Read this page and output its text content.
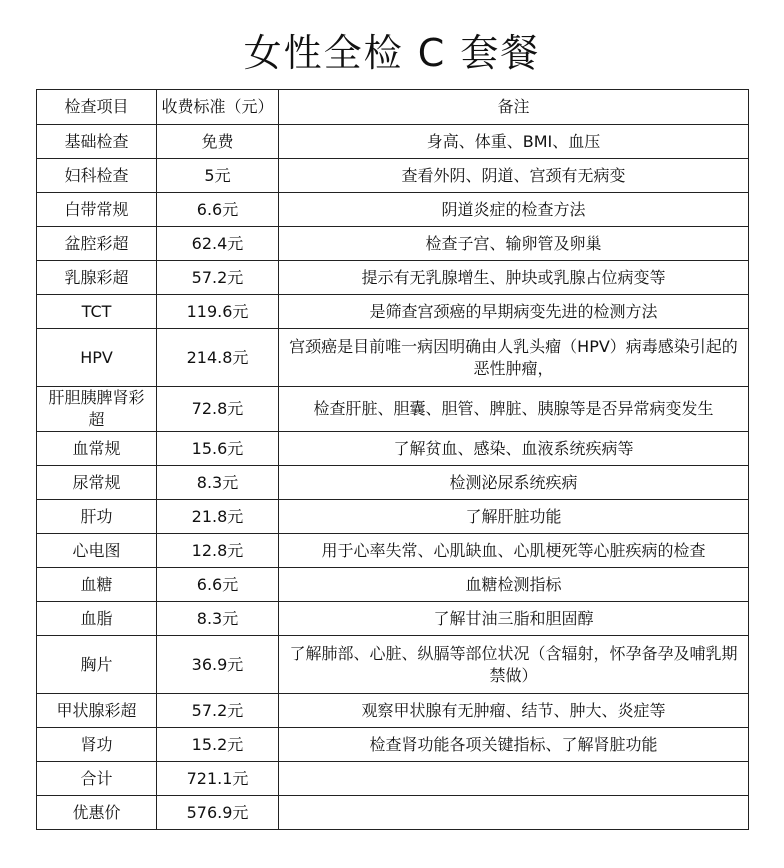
女性全检 C 套餐
检查项目	收费标准（元）	备注
基础检查	免费	身高、体重、BMI、血压
妇科检查	5元	查看外阴、阴道、宫颈有无病变
白带常规	6.6元	阴道炎症的检查方法
盆腔彩超	62.4元	检查子宫、输卵管及卵巢
乳腺彩超	57.2元	提示有无乳腺增生、肿块或乳腺占位病变等
TCT	119.6元	是筛查宫颈癌的早期病变先进的检测方法
HPV	214.8元	宫颈癌是目前唯一病因明确由人乳头瘤（HPV）病毒感染引起的恶性肿瘤，
肝胆胰脾肾彩超	72.8元	检查肝脏、胆囊、胆管、脾脏、胰腺等是否异常病变发生
血常规	15.6元	了解贫血、感染、血液系统疾病等
尿常规	8.3元	检测泌尿系统疾病
肝功	21.8元	了解肝脏功能
心电图	12.8元	用于心率失常、心肌缺血、心肌梗死等心脏疾病的检查
血糖	6.6元	血糖检测指标
血脂	8.3元	了解甘油三脂和胆固醇
胸片	36.9元	了解肺部、心脏、纵膈等部位状况（含辐射，怀孕备孕及哺乳期禁做）
甲状腺彩超	57.2元	观察甲状腺有无肿瘤、结节、肿大、炎症等
肾功	15.2元	检查肾功能各项关键指标、了解肾脏功能
合计	721.1元	
优惠价	576.9元	
